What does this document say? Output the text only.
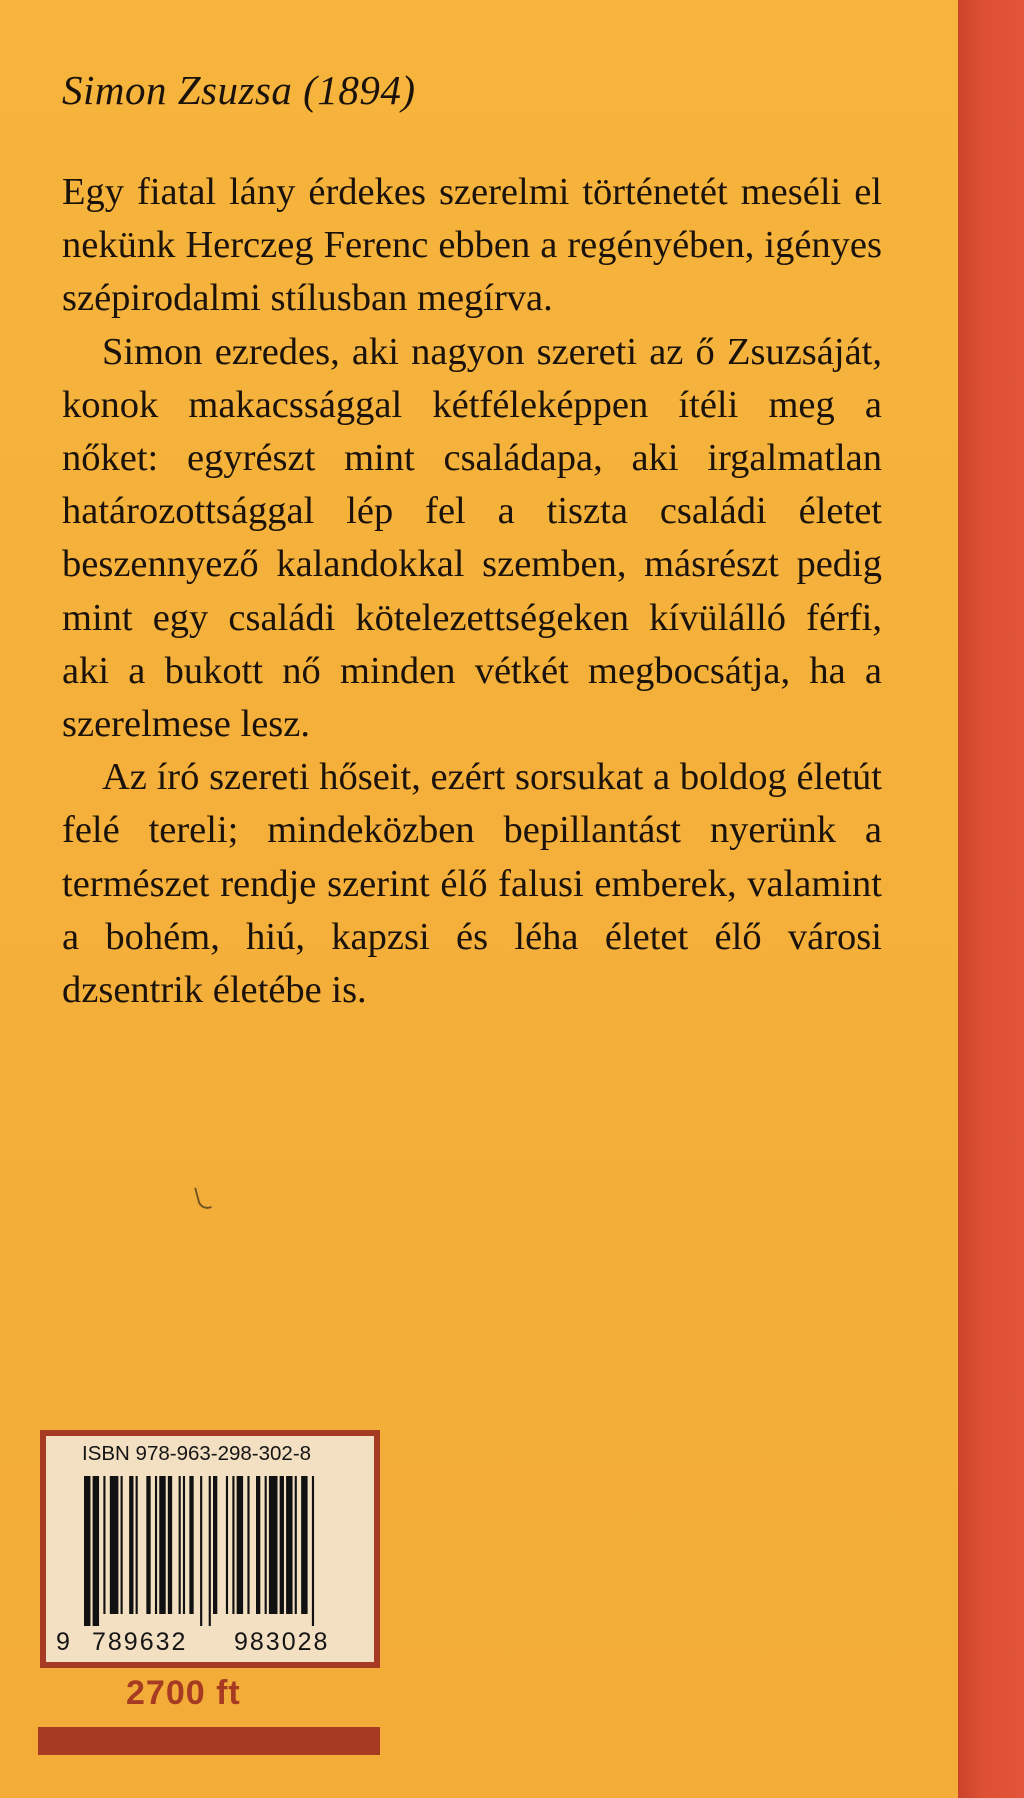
Simon Zsuzsa (1894)

Egy fiatal lány érdekes szerelmi történetét meséli el nekünk Herczeg Ferenc ebben a regényében, igényes szépirodalmi stílusban megírva.

Simon ezredes, aki nagyon szereti az ő Zsuzsáját, konok makacssággal kétféleképpen ítéli meg a nőket: egyrészt mint családapa, aki irgalmatlan határozottsággal lép fel a tiszta családi életet beszennyező kalandokkal szemben, másrészt pedig mint egy családi kötelezettségeken kívülálló férfi, aki a bukott nő minden vétkét megbocsátja, ha a szerelmese lesz.

Az író szereti hőseit, ezért sorsukat a boldog életút felé tereli; mindeközben bepillantást nyerünk a természet rendje szerint élő falusi emberek, valamint a bohém, hiú, kapzsi és léha életet élő városi dzsentrik életébe is.

ISBN 978-963-298-302-8
9 789632 983028
2700 ft
